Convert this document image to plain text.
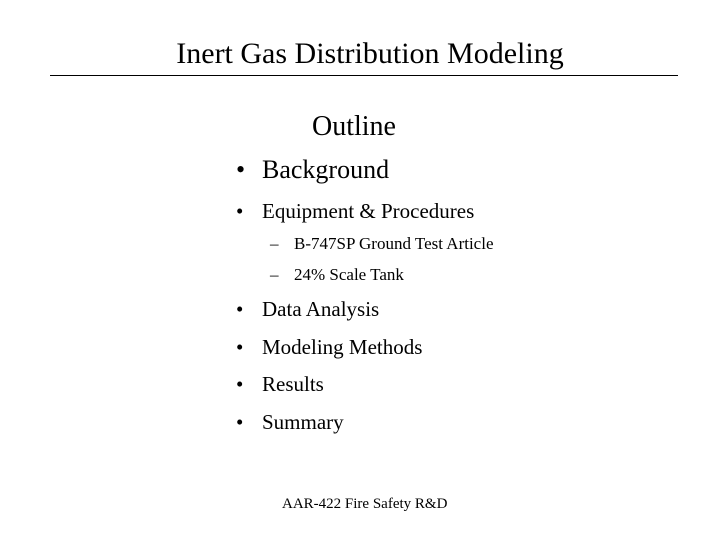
Inert Gas Distribution Modeling
Outline
• Background
• Equipment & Procedures
– B-747SP Ground Test Article
– 24% Scale Tank
• Data Analysis
• Modeling Methods
• Results
• Summary
AAR-422 Fire Safety R&D
